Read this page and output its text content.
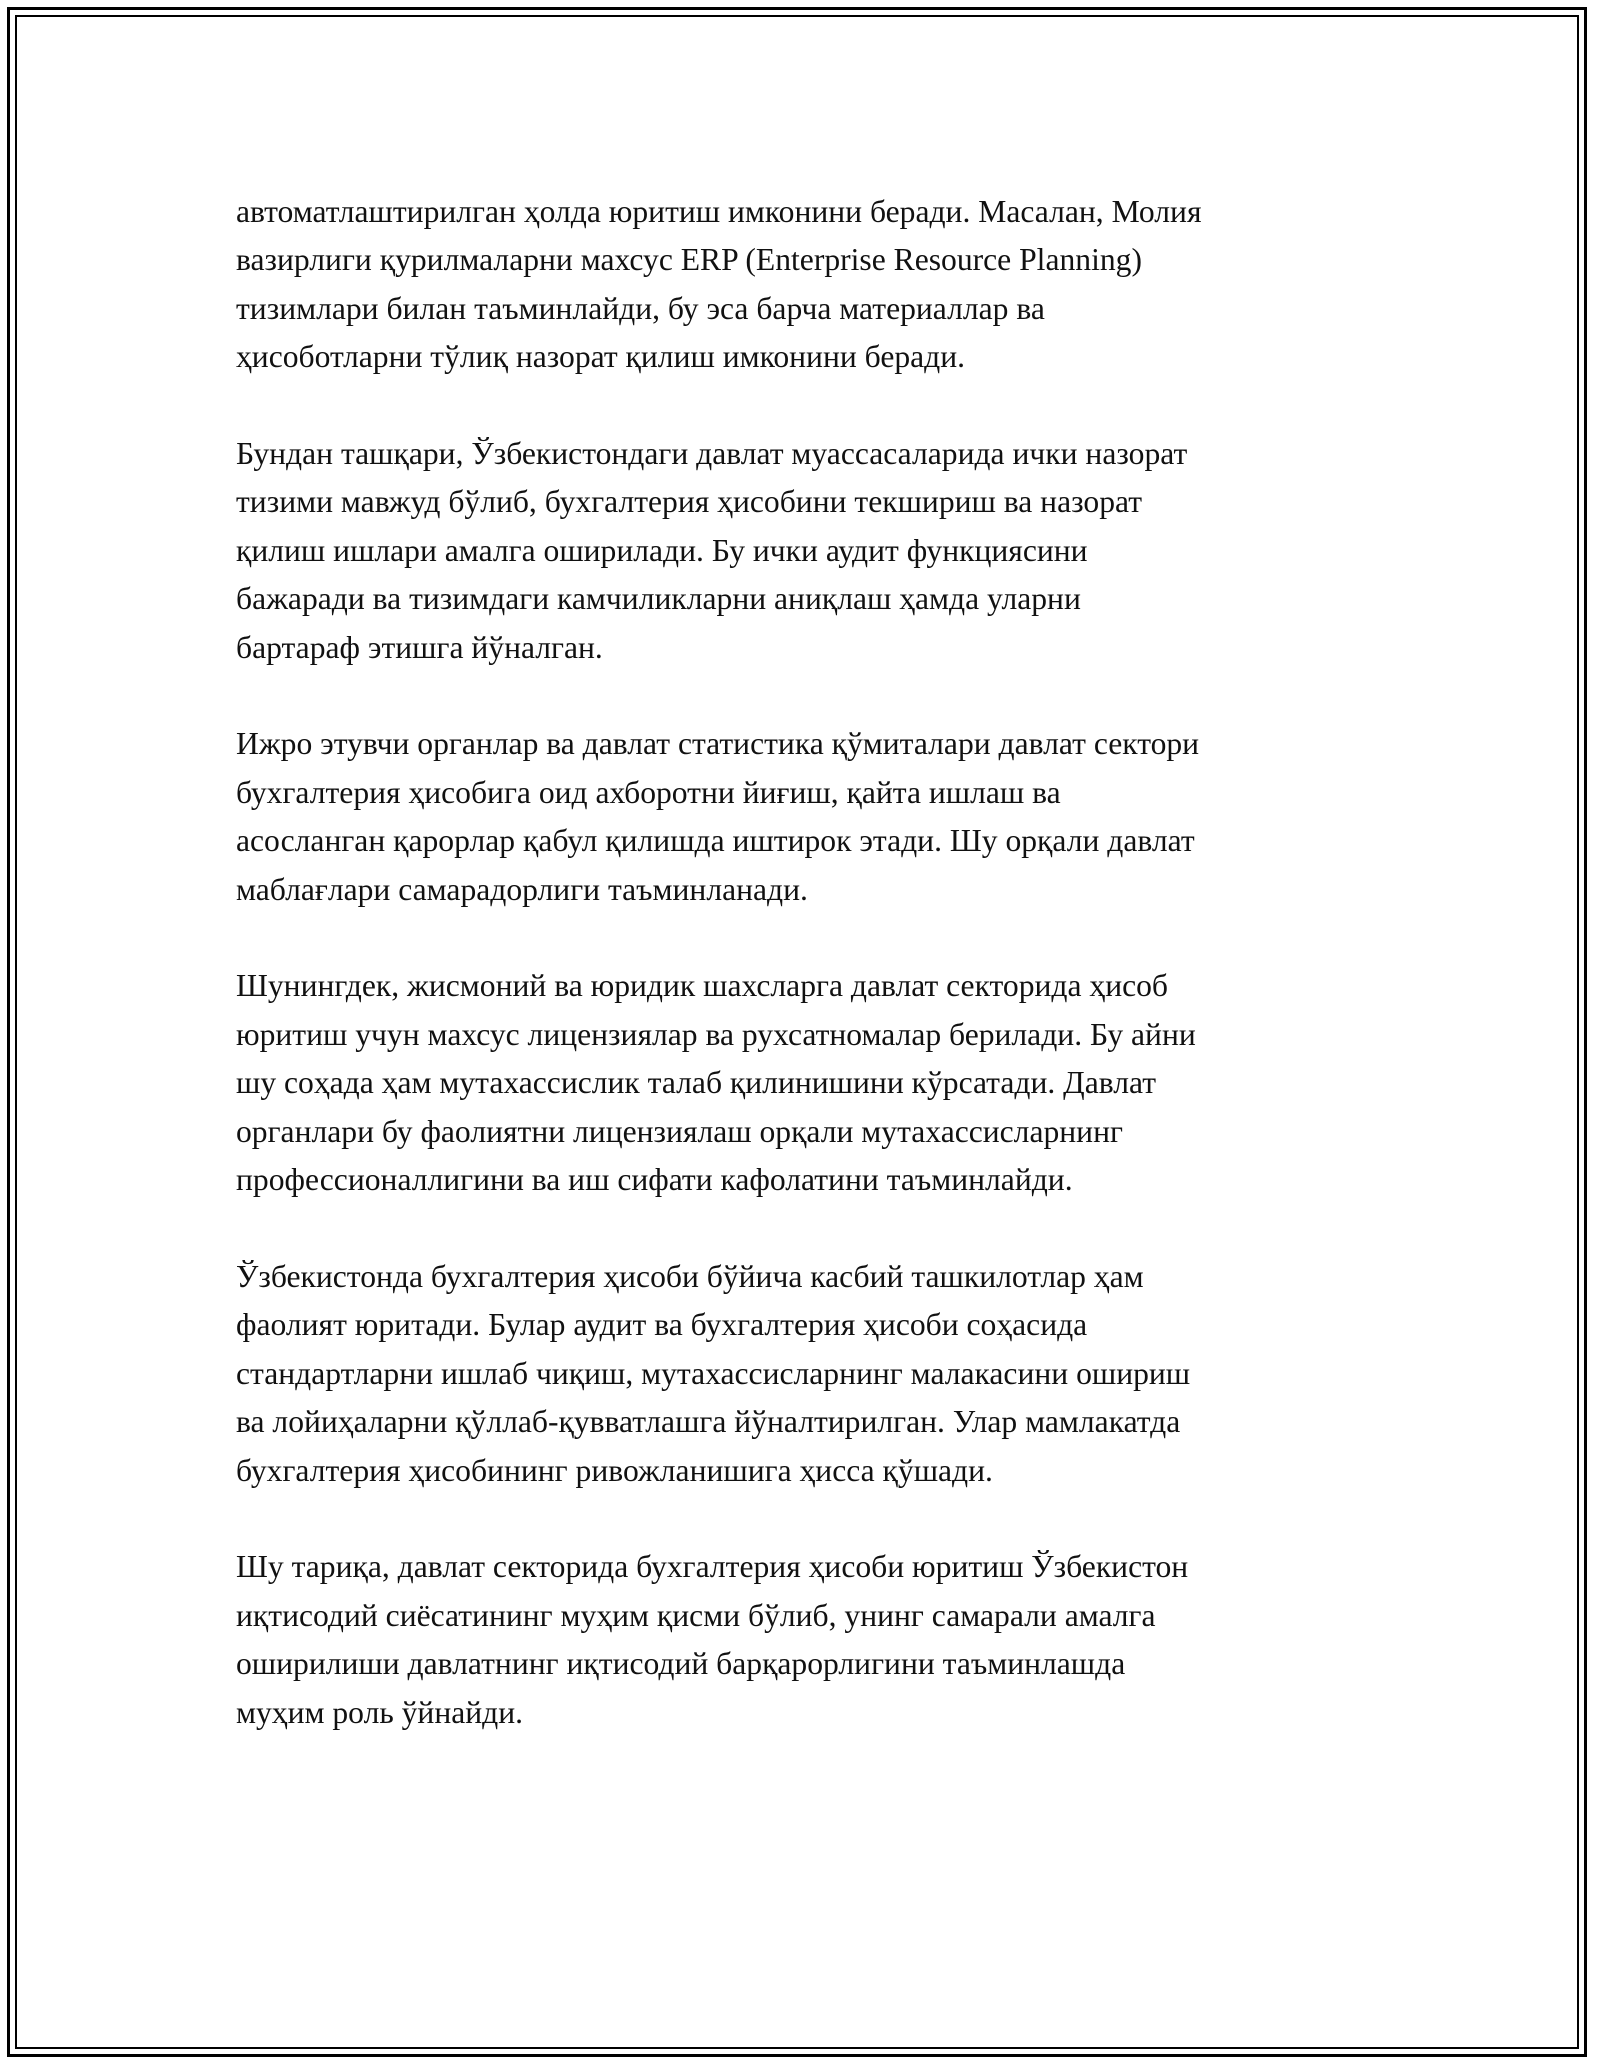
автоматлаштирилган ҳолда юритиш имконини беради. Масалан, Молия
вазирлиги қурилмаларни махсус ERP (Enterprise Resource Planning)
тизимлари билан таъминлайди, бу эса барча материаллар ва
ҳисоботларни тўлиқ назорат қилиш имконини беради.

Бундан ташқари, Ўзбекистондаги давлат муассасаларида ички назорат
тизими мавжуд бўлиб, бухгалтерия ҳисобини текшириш ва назорат
қилиш ишлари амалга оширилади. Бу ички аудит функциясини
бажаради ва тизимдаги камчиликларни аниқлаш ҳамда уларни
бартараф этишга йўналган.

Ижро этувчи органлар ва давлат статистика қўмиталари давлат сектори
бухгалтерия ҳисобига оид ахборотни йиғиш, қайта ишлаш ва
асосланган қарорлар қабул қилишда иштирок этади. Шу орқали давлат
маблағлари самарадорлиги таъминланади.

Шунингдек, жисмоний ва юридик шахсларга давлат секторида ҳисоб
юритиш учун махсус лицензиялар ва рухсатномалар берилади. Бу айни
шу соҳада ҳам мутахассислик талаб қилинишини кўрсатади. Давлат
органлари бу фаолиятни лицензиялаш орқали мутахассисларнинг
профессионаллигини ва иш сифати кафолатини таъминлайди.

Ўзбекистонда бухгалтерия ҳисоби бўйича касбий ташкилотлар ҳам
фаолият юритади. Булар аудит ва бухгалтерия ҳисоби соҳасида
стандартларни ишлаб чиқиш, мутахассисларнинг малакасини ошириш
ва лойиҳаларни қўллаб-қувватлашга йўналтирилган. Улар мамлакатда
бухгалтерия ҳисобининг ривожланишига ҳисса қўшади.

Шу тариқа, давлат секторида бухгалтерия ҳисоби юритиш Ўзбекистон
иқтисодий сиёсатининг муҳим қисми бўлиб, унинг самарали амалга
оширилиши давлатнинг иқтисодий барқарорлигини таъминлашда
муҳим роль ўйнайди.
